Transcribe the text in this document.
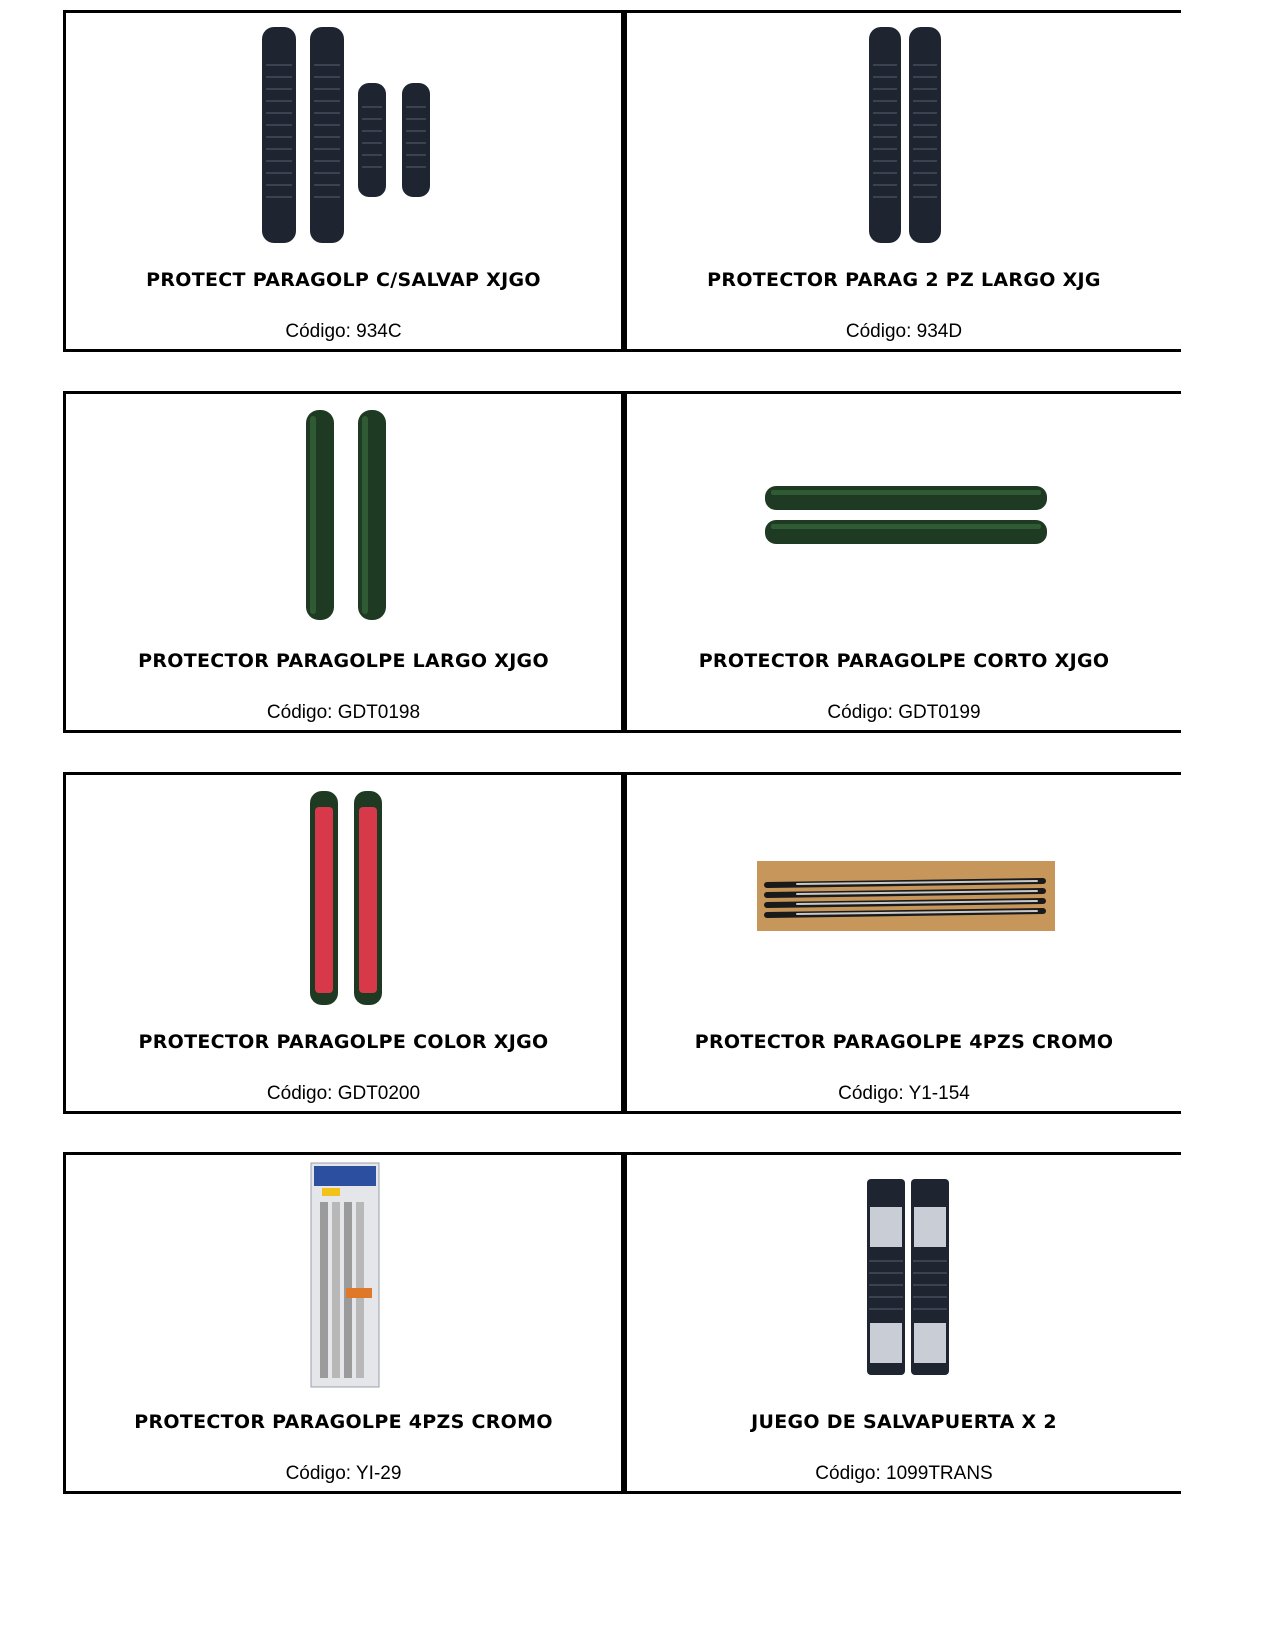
PROTECT PARAGOLP C/SALVAP XJGO
Código: 934C
PROTECTOR PARAG 2 PZ LARGO XJG
Código: 934D
PROTECTOR PARAGOLPE LARGO XJGO
Código: GDT0198
PROTECTOR PARAGOLPE CORTO XJGO
Código: GDT0199
PROTECTOR PARAGOLPE COLOR XJGO
Código: GDT0200
PROTECTOR PARAGOLPE 4PZS CROMO
Código: Y1-154
PROTECTOR PARAGOLPE 4PZS CROMO
Código: YI-29
JUEGO DE SALVAPUERTA X 2
Código: 1099TRANS
